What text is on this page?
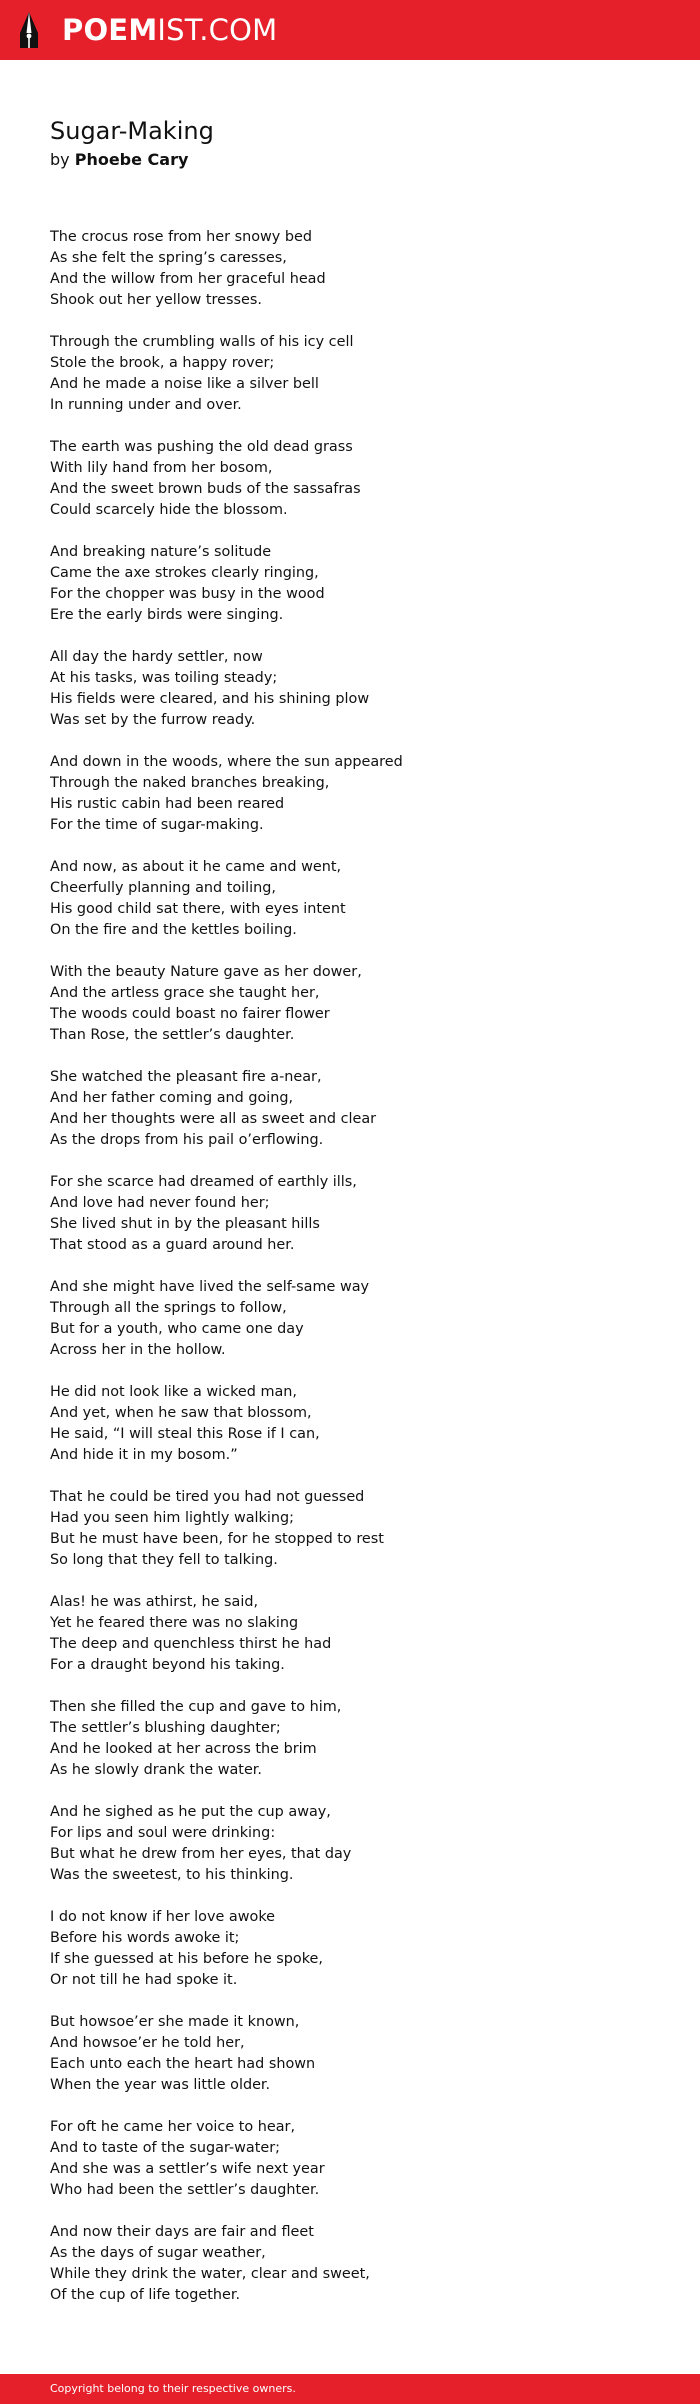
POEMIST.COM
Sugar-Making
by Phoebe Cary
The crocus rose from her snowy bed
As she felt the spring’s caresses,
And the willow from her graceful head
Shook out her yellow tresses.
Through the crumbling walls of his icy cell
Stole the brook, a happy rover;
And he made a noise like a silver bell
In running under and over.
The earth was pushing the old dead grass
With lily hand from her bosom,
And the sweet brown buds of the sassafras
Could scarcely hide the blossom.
And breaking nature’s solitude
Came the axe strokes clearly ringing,
For the chopper was busy in the wood
Ere the early birds were singing.
All day the hardy settler, now
At his tasks, was toiling steady;
His fields were cleared, and his shining plow
Was set by the furrow ready.
And down in the woods, where the sun appeared
Through the naked branches breaking,
His rustic cabin had been reared
For the time of sugar-making.
And now, as about it he came and went,
Cheerfully planning and toiling,
His good child sat there, with eyes intent
On the fire and the kettles boiling.
With the beauty Nature gave as her dower,
And the artless grace she taught her,
The woods could boast no fairer flower
Than Rose, the settler’s daughter.
She watched the pleasant fire a-near,
And her father coming and going,
And her thoughts were all as sweet and clear
As the drops from his pail o’erflowing.
For she scarce had dreamed of earthly ills,
And love had never found her;
She lived shut in by the pleasant hills
That stood as a guard around her.
And she might have lived the self-same way
Through all the springs to follow,
But for a youth, who came one day
Across her in the hollow.
He did not look like a wicked man,
And yet, when he saw that blossom,
He said, “I will steal this Rose if I can,
And hide it in my bosom.”
That he could be tired you had not guessed
Had you seen him lightly walking;
But he must have been, for he stopped to rest
So long that they fell to talking.
Alas! he was athirst, he said,
Yet he feared there was no slaking
The deep and quenchless thirst he had
For a draught beyond his taking.
Then she filled the cup and gave to him,
The settler’s blushing daughter;
And he looked at her across the brim
As he slowly drank the water.
And he sighed as he put the cup away,
For lips and soul were drinking:
But what he drew from her eyes, that day
Was the sweetest, to his thinking.
I do not know if her love awoke
Before his words awoke it;
If she guessed at his before he spoke,
Or not till he had spoke it.
But howsoe’er she made it known,
And howsoe’er he told her,
Each unto each the heart had shown
When the year was little older.
For oft he came her voice to hear,
And to taste of the sugar-water;
And she was a settler’s wife next year
Who had been the settler’s daughter.
And now their days are fair and fleet
As the days of sugar weather,
While they drink the water, clear and sweet,
Of the cup of life together.
Copyright belong to their respective owners.
